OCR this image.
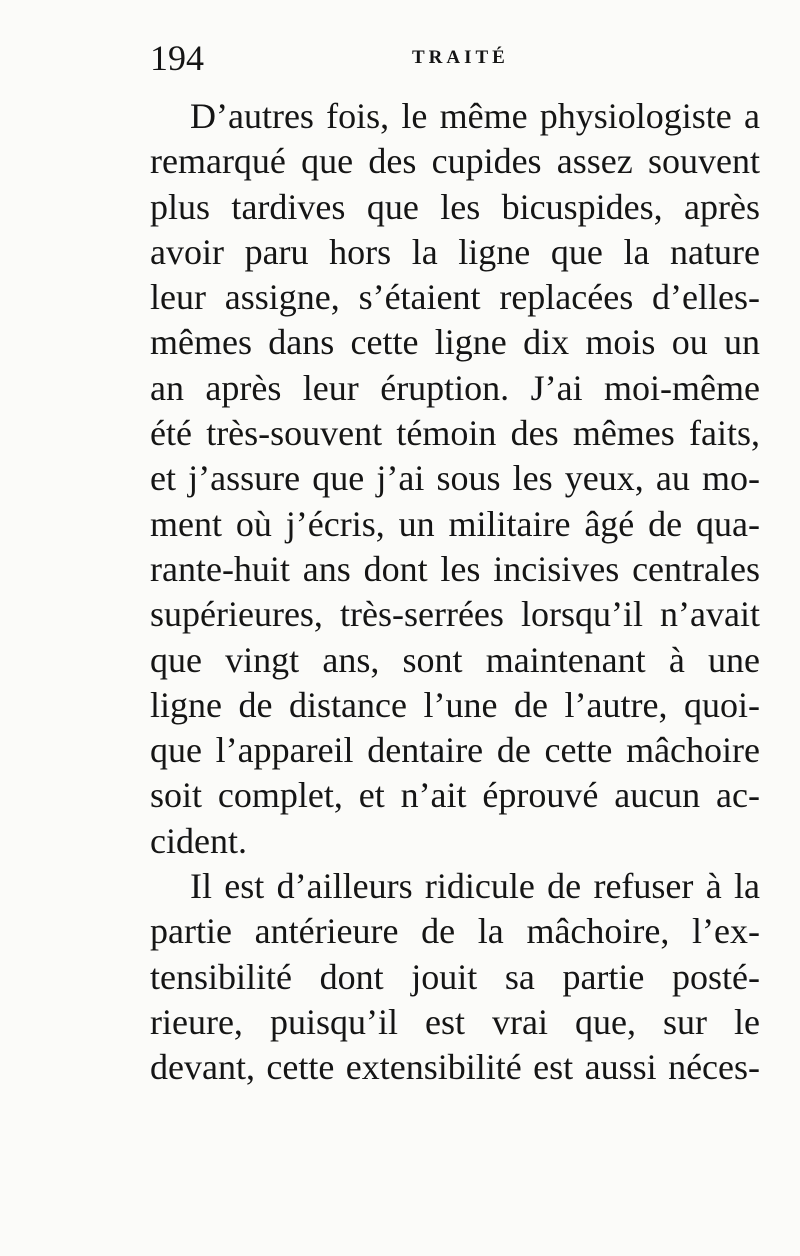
194	TRAITÉ
D’autres fois, le même physiologiste a
remarqué que des cupides assez souvent
plus tardives que les bicuspides, après
avoir paru hors la ligne que la nature
leur assigne, s’étaient replacées d’elles-
mêmes dans cette ligne dix mois ou un
an après leur éruption. J’ai moi-même
été très-souvent témoin des mêmes faits,
et j’assure que j’ai sous les yeux, au mo-
ment où j’écris, un militaire âgé de qua-
rante-huit ans dont les incisives centrales
supérieures, très-serrées lorsqu’il n’avait
que vingt ans, sont maintenant à une
ligne de distance l’une de l’autre, quoi-
que l’appareil dentaire de cette mâchoire
soit complet, et n’ait éprouvé aucun ac-
cident.
Il est d’ailleurs ridicule de refuser à la
partie antérieure de la mâchoire, l’ex-
tensibilité dont jouit sa partie posté-
rieure, puisqu’il est vrai que, sur le
devant, cette extensibilité est aussi néces-
